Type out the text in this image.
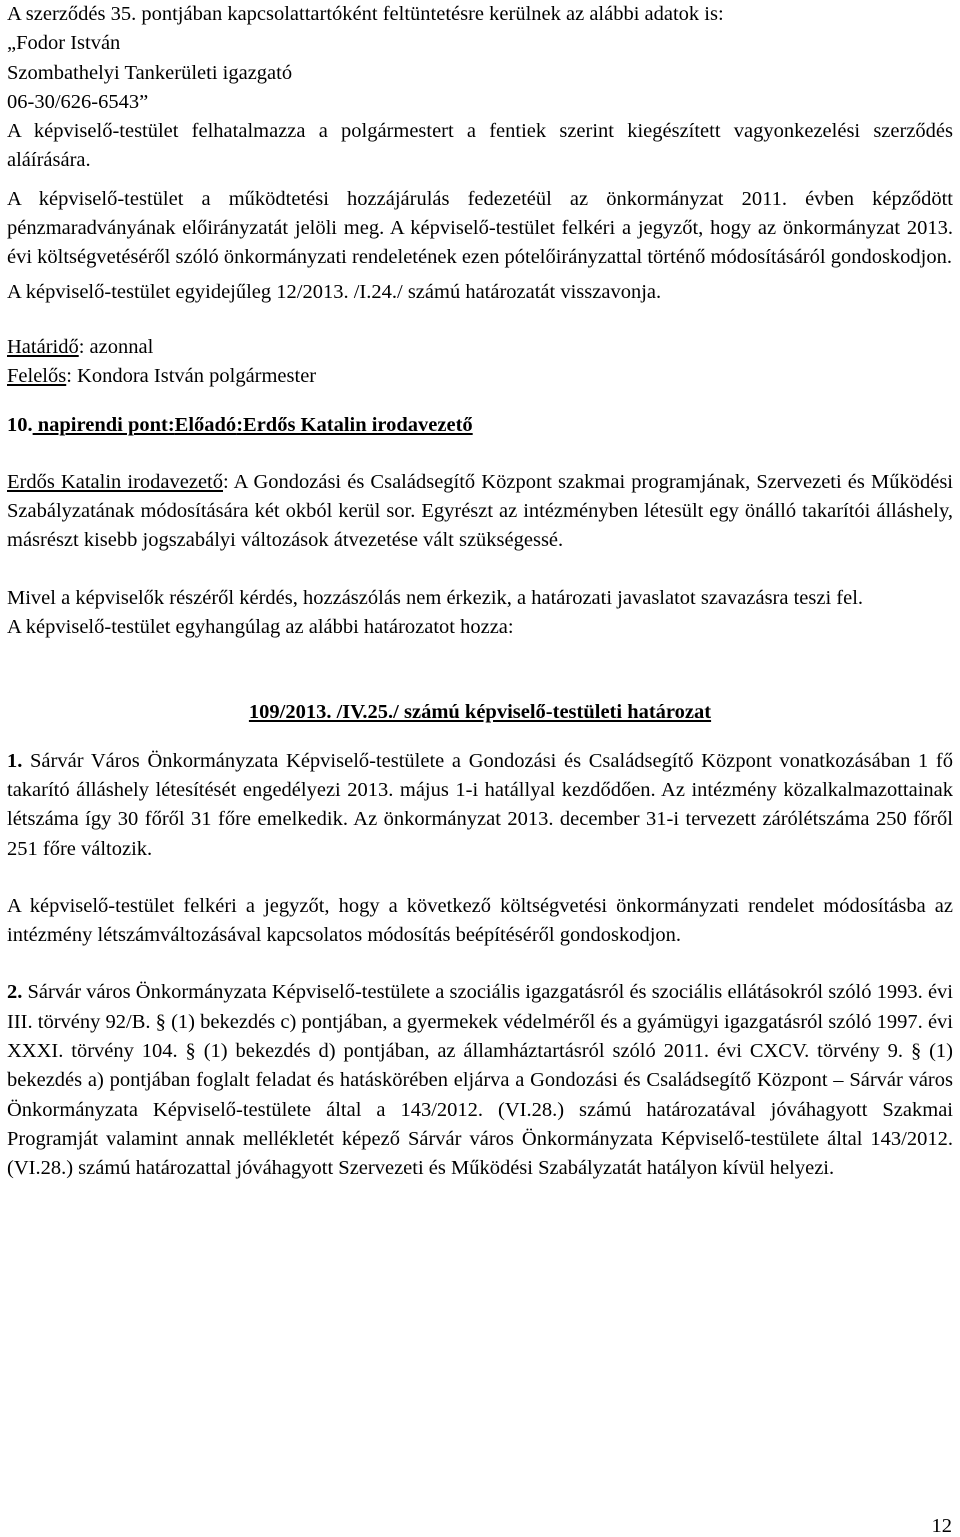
A szerződés 35. pontjában kapcsolattartóként feltüntetésre kerülnek az alábbi adatok is:

„Fodor István

Szombathelyi Tankerületi igazgató

06-30/626-6543”

A képviselő-testület felhatalmazza a polgármestert a fentiek szerint kiegészített vagyonkezelési szerződés aláírására.

A képviselő-testület a működtetési hozzájárulás fedezetéül az önkormányzat 2011. évben képződött pénzmaradványának előirányzatát jelöli meg. A képviselő-testület felkéri a jegyzőt, hogy az önkormányzat 2013. évi költségvetéséről szóló önkormányzati rendeletének ezen pótelőirányzattal történő módosításáról gondoskodjon.

A képviselő-testület egyidejűleg 12/2013. /I.24./ számú határozatát visszavonja.

Határidő: azonnal

Felelős: Kondora István polgármester

10. napirendi pont:Előadó:Erdős Katalin irodavezető

Erdős Katalin irodavezető: A Gondozási és Családsegítő Központ szakmai programjának, Szervezeti és Működési Szabályzatának módosítására két okból kerül sor. Egyrészt az intézményben létesült egy önálló takarítói álláshely, másrészt kisebb jogszabályi változások átvezetése vált szükségessé.

Mivel a képviselők részéről kérdés, hozzászólás nem érkezik, a határozati javaslatot szavazásra teszi fel.

A képviselő-testület egyhangúlag az alábbi határozatot hozza:

109/2013. /IV.25./ számú képviselő-testületi határozat

1. Sárvár Város Önkormányzata Képviselő-testülete a Gondozási és Családsegítő Központ vonatkozásában 1 fő takarító álláshely létesítését engedélyezi 2013. május 1-i hatállyal kezdődően. Az intézmény közalkalmazottainak létszáma így 30 főről 31 főre emelkedik. Az önkormányzat 2013. december 31-i tervezett zárólétszáma 250 főről 251 főre változik.

A képviselő-testület felkéri a jegyzőt, hogy a következő költségvetési önkormányzati rendelet módosításba az intézmény létszámváltozásával kapcsolatos módosítás beépítéséről gondoskodjon.

2. Sárvár város Önkormányzata Képviselő-testülete a szociális igazgatásról és szociális ellátásokról szóló 1993. évi III. törvény 92/B. § (1) bekezdés c) pontjában, a gyermekek védelméről és a gyámügyi igazgatásról szóló 1997. évi XXXI. törvény 104. § (1) bekezdés d) pontjában, az államháztartásról szóló 2011. évi CXCV. törvény 9. § (1) bekezdés a) pontjában foglalt feladat és hatáskörében eljárva a Gondozási és Családsegítő Központ – Sárvár város Önkormányzata Képviselő-testülete által a 143/2012. (VI.28.) számú határozatával jóváhagyott Szakmai Programját valamint annak mellékletét képező Sárvár város Önkormányzata Képviselő-testülete által 143/2012. (VI.28.) számú határozattal jóváhagyott Szervezeti és Működési Szabályzatát hatályon kívül helyezi.

12
